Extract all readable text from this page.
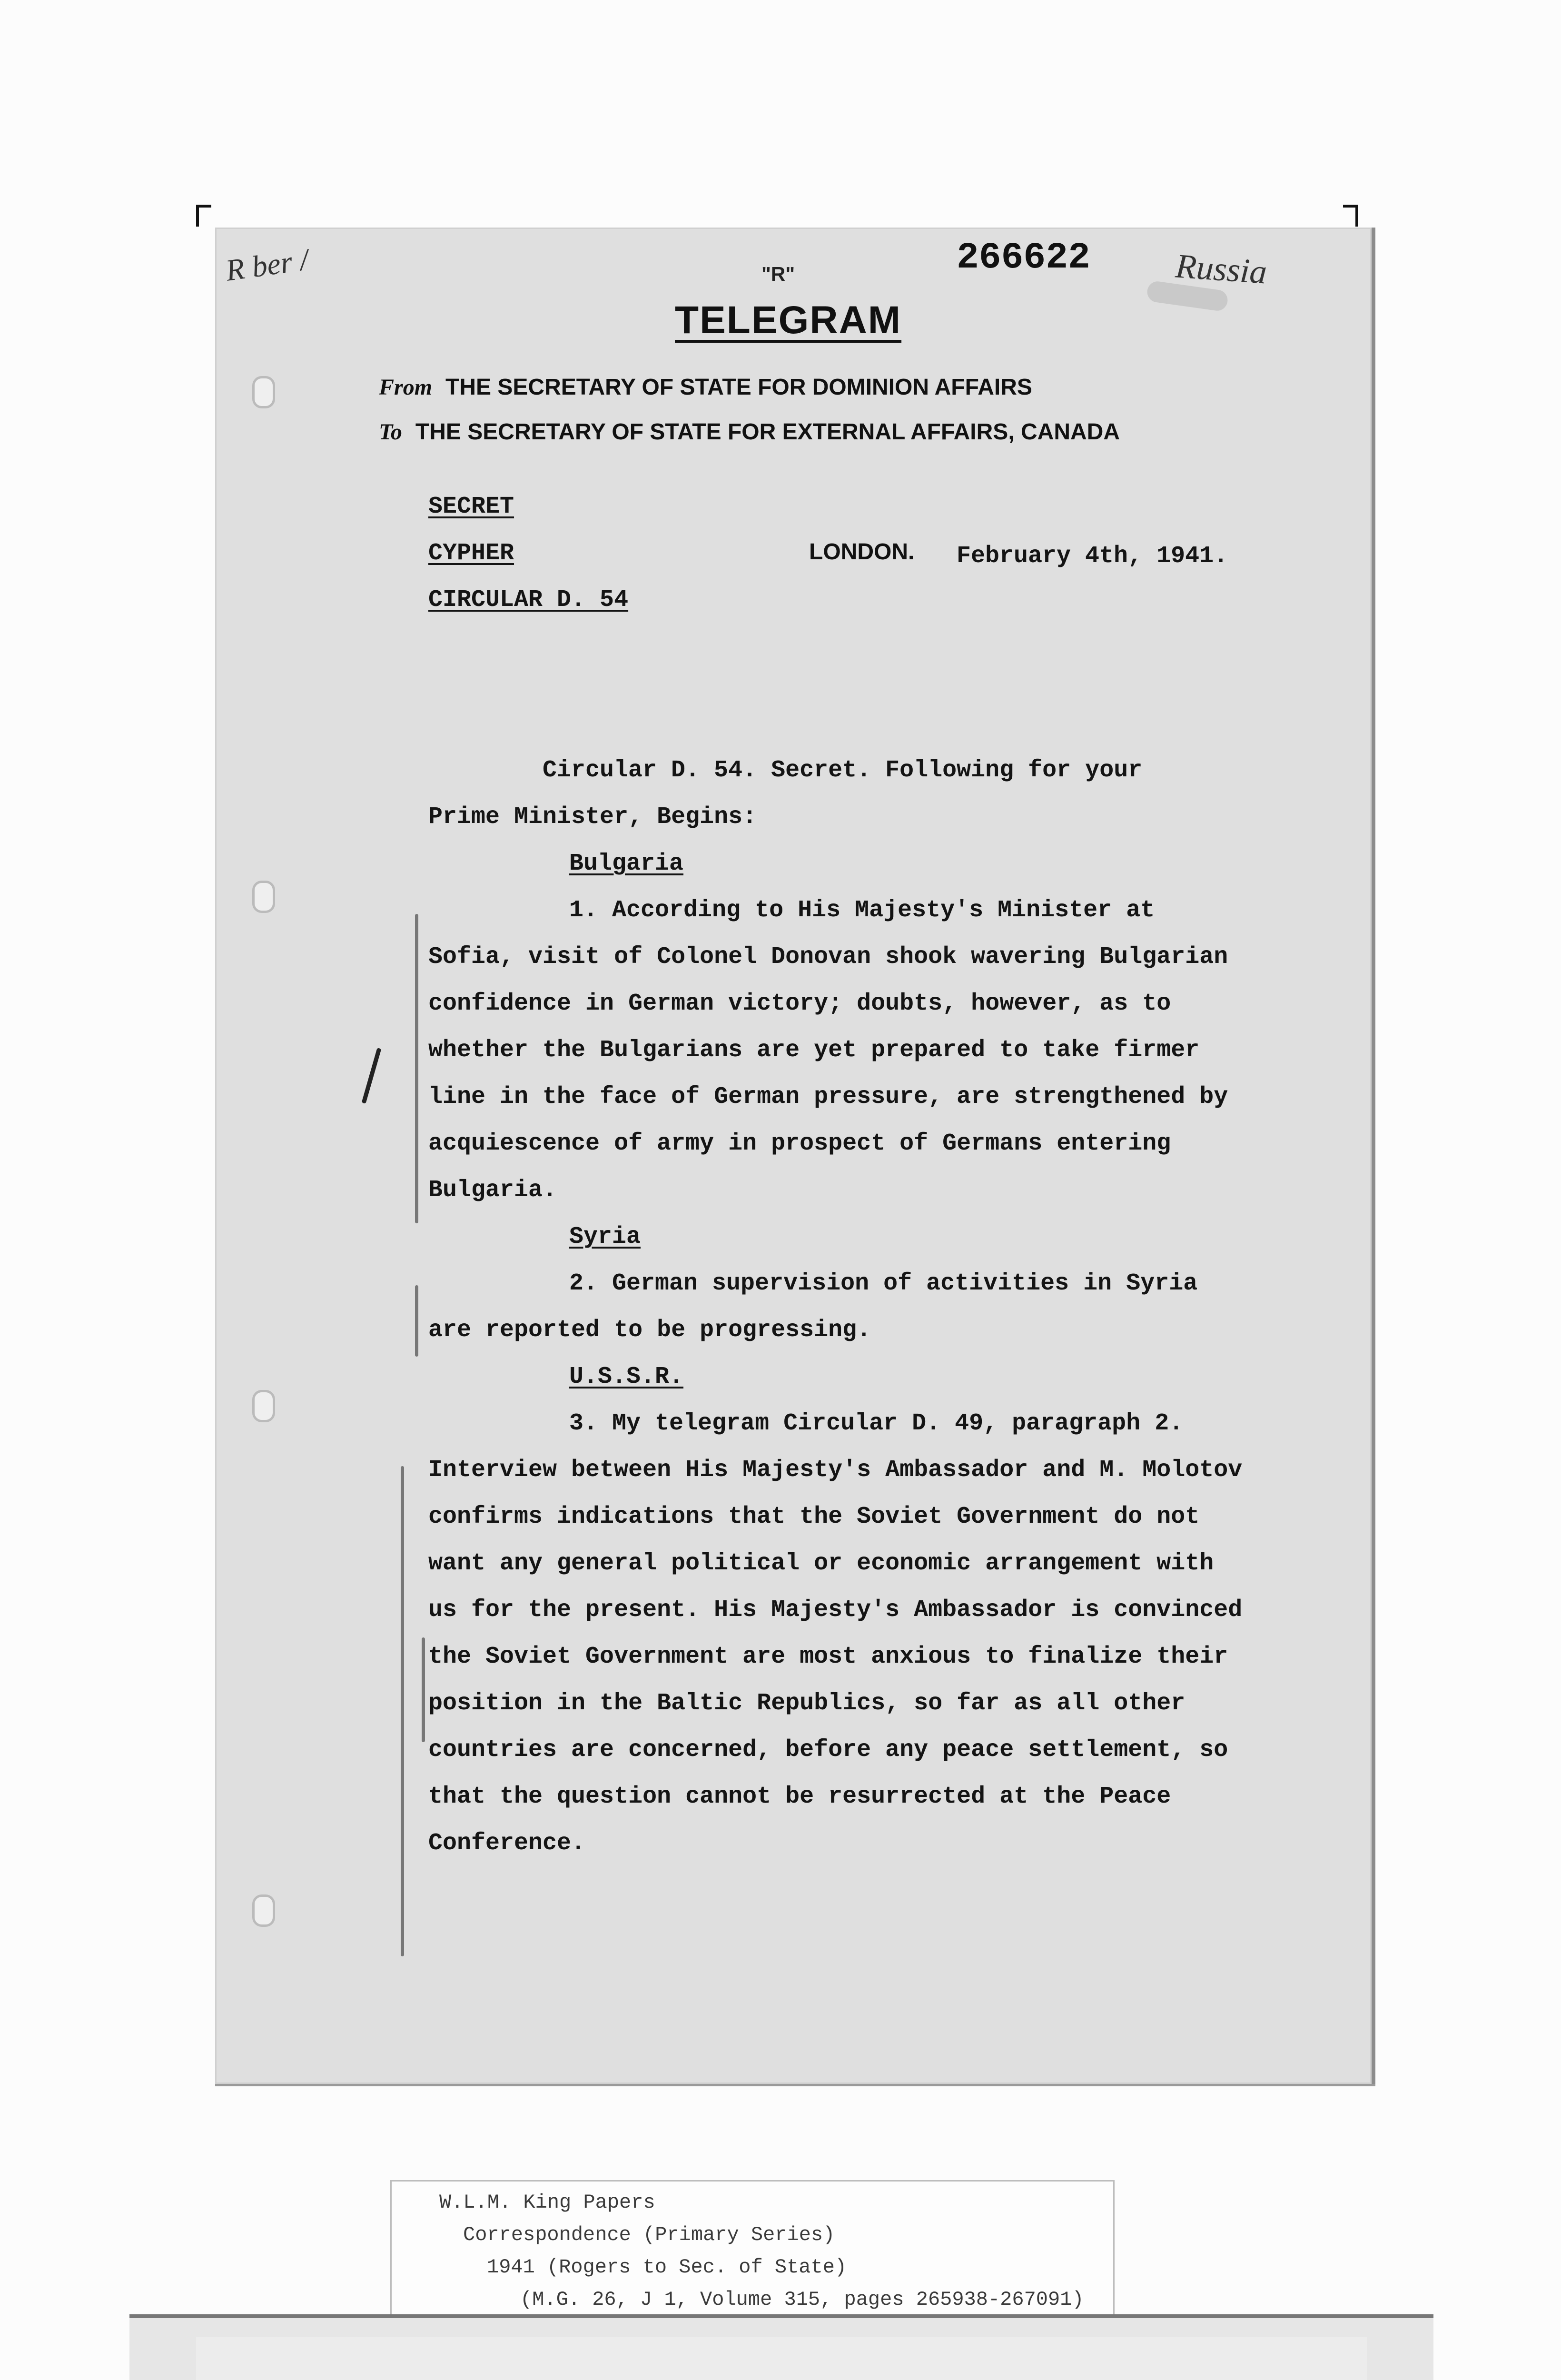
266622
"R"
TELEGRAM
R ber /	Russia
From THE SECRETARY OF STATE FOR DOMINION AFFAIRS
To THE SECRETARY OF STATE FOR EXTERNAL AFFAIRS, CANADA
SECRET
CYPHER
CIRCULAR D. 54
LONDON. February 4th, 1941.
Circular D. 54. Secret. Following for your
Prime Minister, Begins:
Bulgaria
1. According to His Majesty's Minister at
Sofia, visit of Colonel Donovan shook wavering Bulgarian
confidence in German victory; doubts, however, as to
whether the Bulgarians are yet prepared to take firmer
line in the face of German pressure, are strengthened by
acquiescence of army in prospect of Germans entering
Bulgaria.
Syria
2. German supervision of activities in Syria
are reported to be progressing.
U.S.S.R.
3. My telegram Circular D. 49, paragraph 2.
Interview between His Majesty's Ambassador and M. Molotov
confirms indications that the Soviet Government do not
want any general political or economic arrangement with
us for the present. His Majesty's Ambassador is convinced
the Soviet Government are most anxious to finalize their
position in the Baltic Republics, so far as all other
countries are concerned, before any peace settlement, so
that the question cannot be resurrected at the Peace
Conference.
W.L.M. King Papers
Correspondence (Primary Series)
1941 (Rogers to Sec. of State)
(M.G. 26, J 1, Volume 315, pages 265938-267091)
